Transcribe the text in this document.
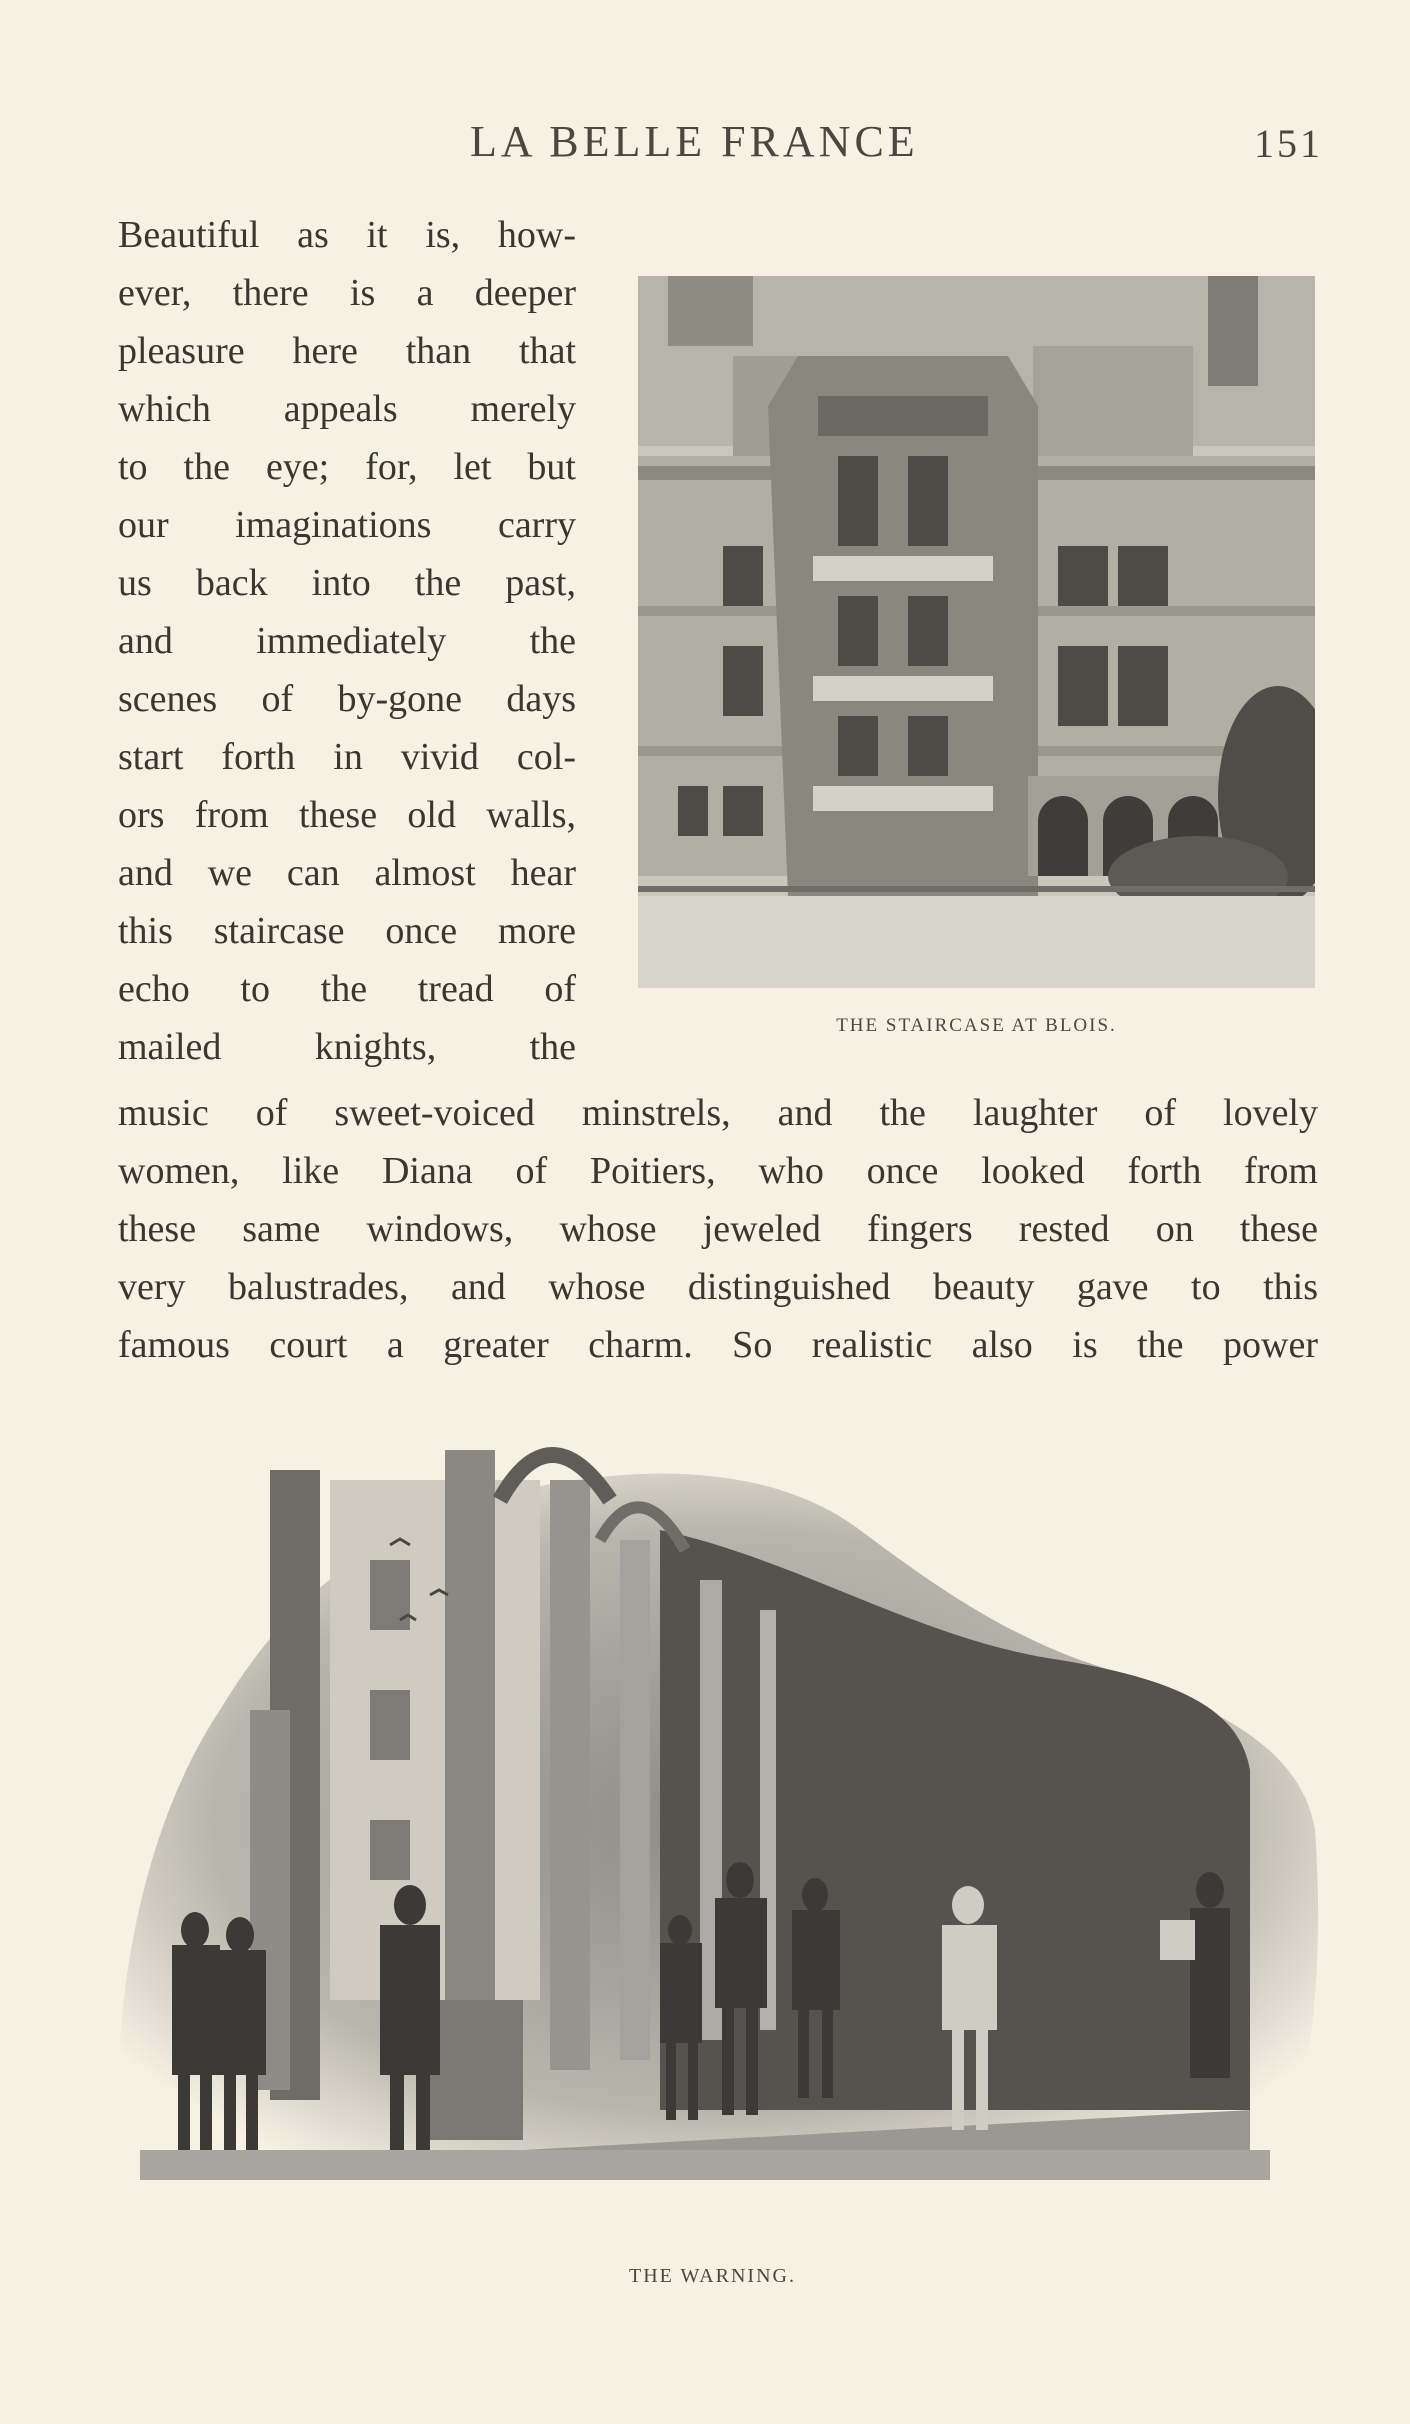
LA BELLE FRANCE	151
Beautiful as it is, how-
ever, there is a deeper
pleasure here than that
which appeals merely
to the eye; for, let but
our imaginations carry
us back into the past,
and immediately the
scenes of by-gone days
start forth in vivid col-
ors from these old walls,
and we can almost hear
this staircase once more
echo to the tread of
mailed knights, the
music of sweet-voiced minstrels, and the laughter of lovely
women, like Diana of Poitiers, who once looked forth from
these same windows, whose jeweled fingers rested on these
very balustrades, and whose distinguished beauty gave to this
famous court a greater charm. So realistic also is the power
THE STAIRCASE AT BLOIS.
THE WARNING.
